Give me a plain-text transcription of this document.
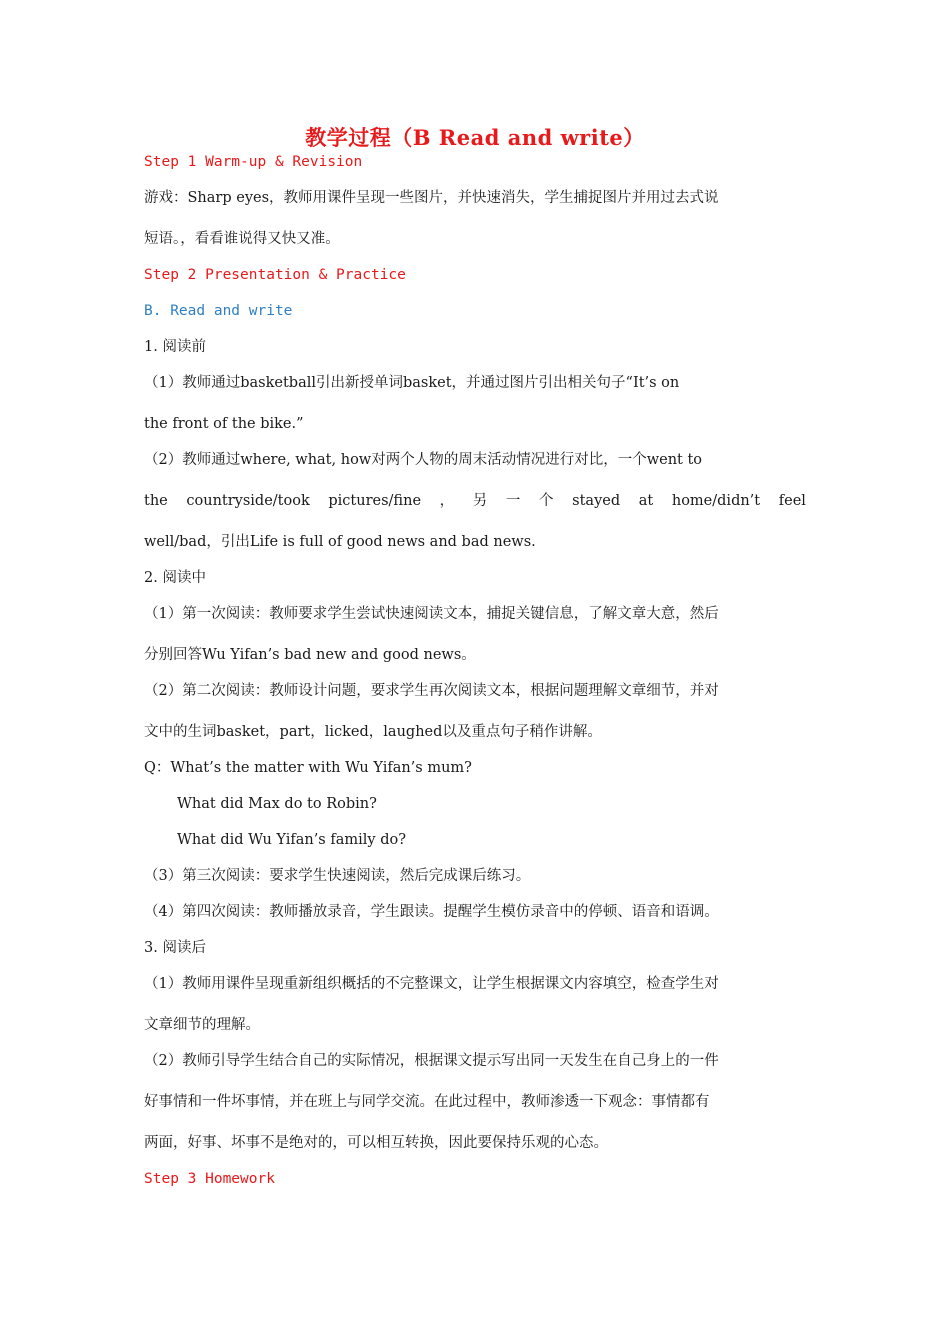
教学过程（B Read and write）
Step 1 Warm-up & Revision
游戏：Sharp eyes，教师用课件呈现一些图片，并快速消失，学生捕捉图片并用过去式说
短语。，看看谁说得又快又准。
Step 2 Presentation & Practice
B. Read and write
1. 阅读前
（1）教师通过basketball引出新授单词basket，并通过图片引出相关句子“It’s on
the front of the bike.”
（2）教师通过where, what, how对两个人物的周末活动情况进行对比，一个went to
the countryside/took pictures/fine ， 另 一 个 stayed at home/didn’t feel
well/bad，引出Life is full of good news and bad news.
2. 阅读中
（1）第一次阅读：教师要求学生尝试快速阅读文本，捕捉关键信息，了解文章大意，然后
分别回答Wu Yifan’s bad new and good news。
（2）第二次阅读：教师设计问题，要求学生再次阅读文本，根据问题理解文章细节，并对
文中的生词basket，part，licked，laughed以及重点句子稍作讲解。
Q：What’s the matter with Wu Yifan’s mum?
What did Max do to Robin?
What did Wu Yifan’s family do?
（3）第三次阅读：要求学生快速阅读，然后完成课后练习。
（4）第四次阅读：教师播放录音，学生跟读。提醒学生模仿录音中的停顿、语音和语调。
3. 阅读后
（1）教师用课件呈现重新组织概括的不完整课文，让学生根据课文内容填空，检查学生对
文章细节的理解。
（2）教师引导学生结合自己的实际情况，根据课文提示写出同一天发生在自己身上的一件
好事情和一件坏事情，并在班上与同学交流。在此过程中，教师渗透一下观念：事情都有
两面，好事、坏事不是绝对的，可以相互转换，因此要保持乐观的心态。
Step 3 Homework
